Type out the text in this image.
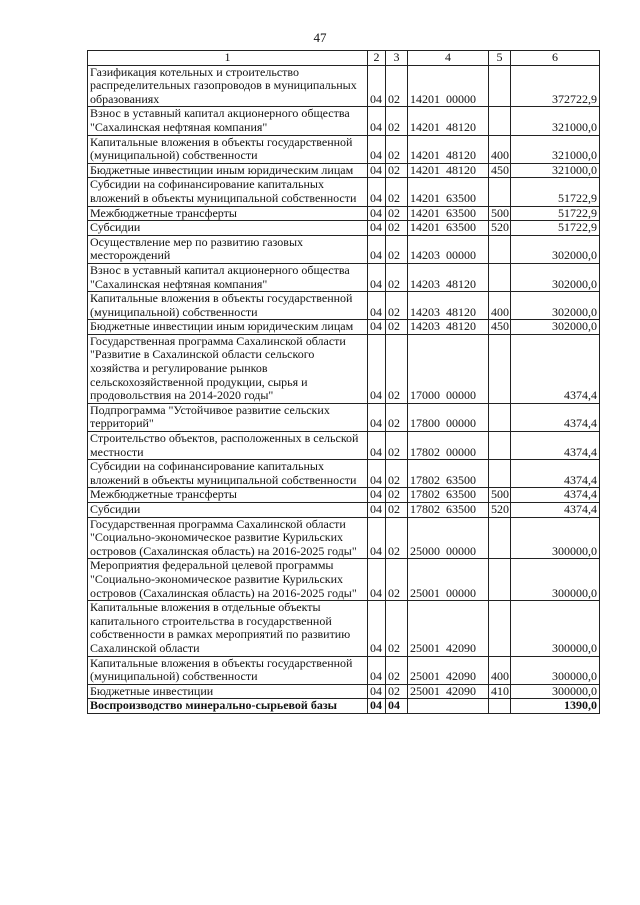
47
1	2	3	4	5	6
Газификация котельных и строительство распределительных газопроводов в муниципальных образованиях	04	02	14201  00000		372722,9
Взнос в уставный капитал акционерного общества "Сахалинская нефтяная компания"	04	02	14201  48120		321000,0
Капитальные вложения в объекты государственной (муниципальной) собственности	04	02	14201  48120	400	321000,0
Бюджетные инвестиции иным юридическим лицам	04	02	14201  48120	450	321000,0
Субсидии на софинансирование капитальных вложений в объекты муниципальной собственности	04	02	14201  63500		51722,9
Межбюджетные трансферты	04	02	14201  63500	500	51722,9
Субсидии	04	02	14201  63500	520	51722,9
Осуществление мер по развитию газовых месторождений	04	02	14203  00000		302000,0
Взнос в уставный капитал акционерного общества "Сахалинская нефтяная компания"	04	02	14203  48120		302000,0
Капитальные вложения в объекты государственной (муниципальной) собственности	04	02	14203  48120	400	302000,0
Бюджетные инвестиции иным юридическим лицам	04	02	14203  48120	450	302000,0
Государственная программа Сахалинской области "Развитие в Сахалинской области сельского хозяйства и регулирование рынков сельскохозяйственной продукции, сырья и продовольствия на 2014-2020 годы"	04	02	17000  00000		4374,4
Подпрограмма "Устойчивое развитие сельских территорий"	04	02	17800  00000		4374,4
Строительство объектов, расположенных в сельской местности	04	02	17802  00000		4374,4
Субсидии на софинансирование капитальных вложений в объекты муниципальной собственности	04	02	17802  63500		4374,4
Межбюджетные трансферты	04	02	17802  63500	500	4374,4
Субсидии	04	02	17802  63500	520	4374,4
Государственная программа Сахалинской области "Социально-экономическое развитие Курильских островов (Сахалинская область) на 2016-2025 годы"	04	02	25000  00000		300000,0
Мероприятия федеральной целевой программы "Социально-экономическое развитие Курильских островов (Сахалинская область) на 2016-2025 годы"	04	02	25001  00000		300000,0
Капитальные вложения в отдельные объекты капитального строительства в государственной собственности в рамках мероприятий по развитию Сахалинской области	04	02	25001  42090		300000,0
Капитальные вложения в объекты государственной (муниципальной) собственности	04	02	25001  42090	400	300000,0
Бюджетные инвестиции	04	02	25001  42090	410	300000,0
Воспроизводство минерально-сырьевой базы	04	04			1390,0
